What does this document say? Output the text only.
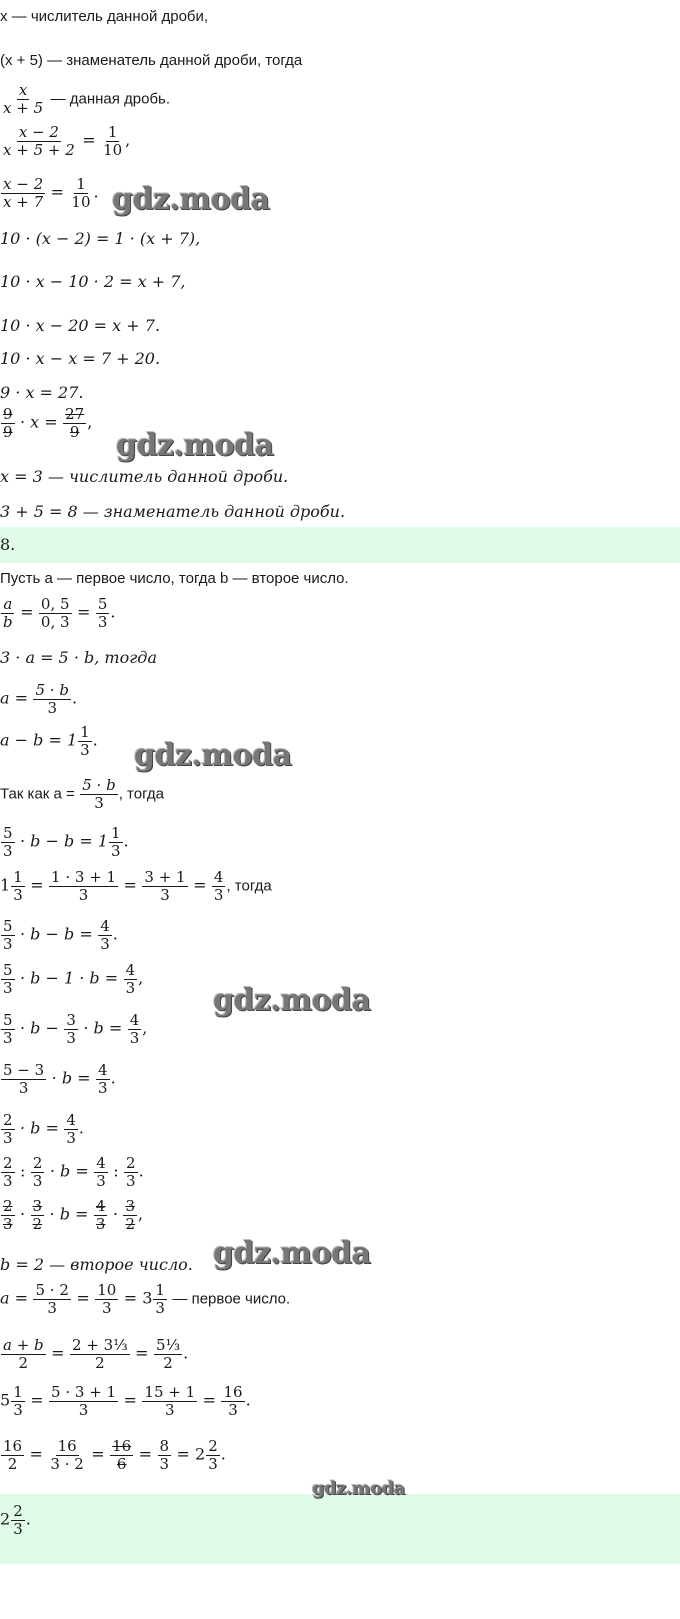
x — числитель данной дроби,
(x + 5) — знаменатель данной дроби, тогда
$\frac{x}{x + 5}$ — данная дробь.
$\frac{x - 2}{x + 5 + 2} = \frac{1}{10}$ ,
$\frac{x - 2}{x + 7} = \frac{1}{10}$ . gdz.moda
10 · (x − 2) = 1 · (x + 7),
10 · x − 10 · 2 = x + 7,
10 · x − 20 = x + 7.
10 · x − x = 7 + 20.
9 · x = 27.
$\frac{9}{9} \cdot x = \frac{27}{9}$ ,
gdz.moda
x = 3 — числитель данной дроби.
3 + 5 = 8 — знаменатель данной дроби.
8.
Пусть a — первое число, тогда b — второе число.
$\frac{a}{b} = \frac{0, 5}{0, 3} = \frac{5}{3}$ .
3 · a = 5 · b, тогда
$a = \frac{5 \cdot b}{3}$ .
$a - b = 1 \frac{1}{3}$ . gdz.moda
Так как $a = \frac{5 \cdot b}{3}$ , тогда
$\frac{5}{3} \cdot b - b = 1 \frac{1}{3}$ .
$1 \frac{1}{3} = \frac{1 \cdot 3 + 1}{3} = \frac{3 + 1}{3} = \frac{4}{3}$ , тогда
$\frac{5}{3} \cdot b - b = \frac{4}{3}$ .
$\frac{5}{3} \cdot b - 1 \cdot b = \frac{4}{3}$ ,
gdz.moda
$\frac{5}{3} \cdot b - \frac{3}{3} \cdot b = \frac{4}{3}$ ,
$\frac{5 - 3}{3} \cdot b = \frac{4}{3}$ .
$\frac{2}{3} \cdot b = \frac{4}{3}$ .
$\frac{2}{3}$ : $\frac{2}{3} \cdot b = \frac{4}{3}$ : $\frac{2}{3}$ .
$\frac{2}{3} \cdot \frac{3}{2} \cdot b = \frac{4}{3} \cdot \frac{3}{2}$ ,
b = 2 — второе число. gdz.moda
$a = \frac{5 \cdot 2}{3} = \frac{10}{3} = 3 \frac{1}{3}$ — первое число.
$\frac{a + b}{2} = \frac{\text{2 + 3⅓}}{2} = \frac{\text{5⅓}}{2}$ .
$5 \frac{1}{3} = \frac{5 \cdot 3 + 1}{3} = \frac{15 + 1}{3} = \frac{16}{3}$ .
$\frac{16}{2} = \frac{16}{3 \cdot 2} = \frac{16}{6} = \frac{8}{3} = 2 \frac{2}{3}$ .
gdz.moda
$2 \frac{2}{3}$ .
